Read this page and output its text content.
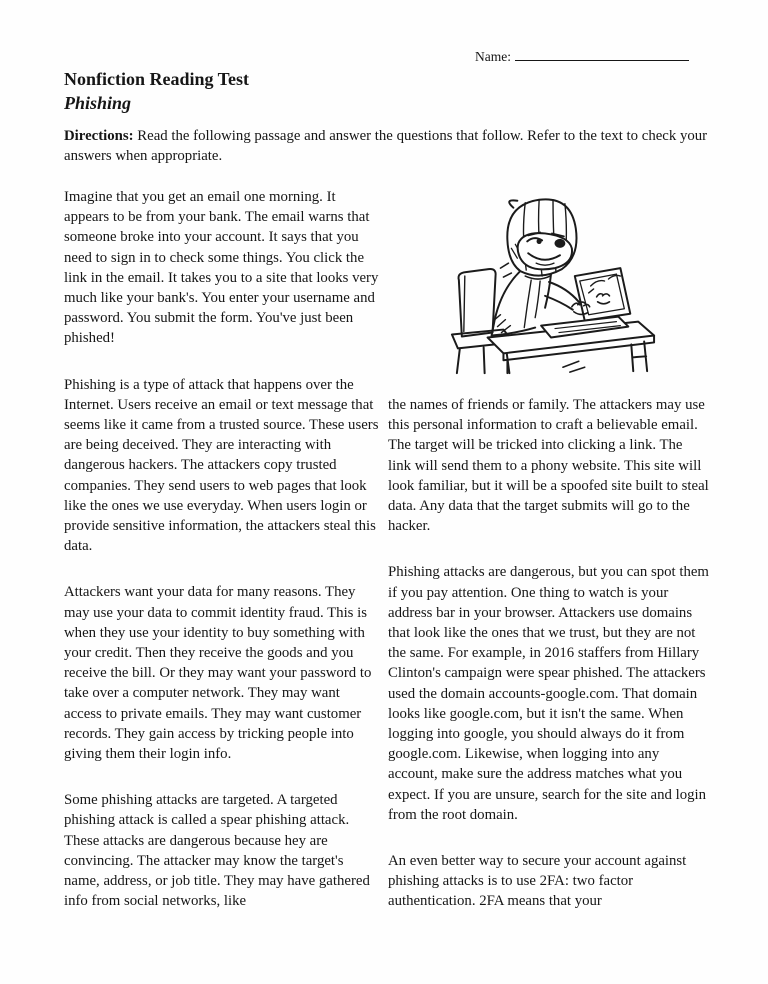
Name:
Nonfiction Reading Test
Phishing
Directions: Read the following passage and answer the questions that follow. Refer to the text to check your answers when appropriate.

Imagine that you get an email one morning. It appears to be from your bank. The email warns that someone broke into your account. It says that you need to sign in to check some things. You click the link in the email. It takes you to a site that looks very much like your bank's. You enter your username and password. You submit the form. You've just been phished!

Phishing is a type of attack that happens over the Internet. Users receive an email or text message that seems like it came from a trusted source. These users are being deceived. They are interacting with dangerous hackers. The attackers copy trusted companies. They send users to web pages that look like the ones we use everyday. When users login or provide sensitive information, the attackers steal this data.

Attackers want your data for many reasons. They may use your data to commit identity fraud. This is when they use your identity to buy something with your credit. Then they receive the goods and you receive the bill. Or they may want your password to take over a computer network. They may want access to private emails. They may want customer records. They gain access by tricking people into giving them their login info.

Some phishing attacks are targeted. A targeted phishing attack is called a spear phishing attack. These attacks are dangerous because hey are convincing. The attacker may know the target's name, address, or job title. They may have gathered info from social networks, like

the names of friends or family. The attackers may use this personal information to craft a believable email. The target will be tricked into clicking a link. The link will send them to a phony website. This site will look familiar, but it will be a spoofed site built to steal data. Any data that the target submits will go to the hacker.

Phishing attacks are dangerous, but you can spot them if you pay attention. One thing to watch is your address bar in your browser. Attackers use domains that look like the ones that we trust, but they are not the same. For example, in 2016 staffers from Hillary Clinton's campaign were spear phished. The attackers used the domain accounts-google.com. That domain looks like google.com, but it isn't the same. When logging into google, you should always do it from google.com. Likewise, when logging into any account, make sure the address matches what you expect. If you are unsure, search for the site and login from the root domain.

An even better way to secure your account against phishing attacks is to use 2FA: two factor authentication. 2FA means that your
